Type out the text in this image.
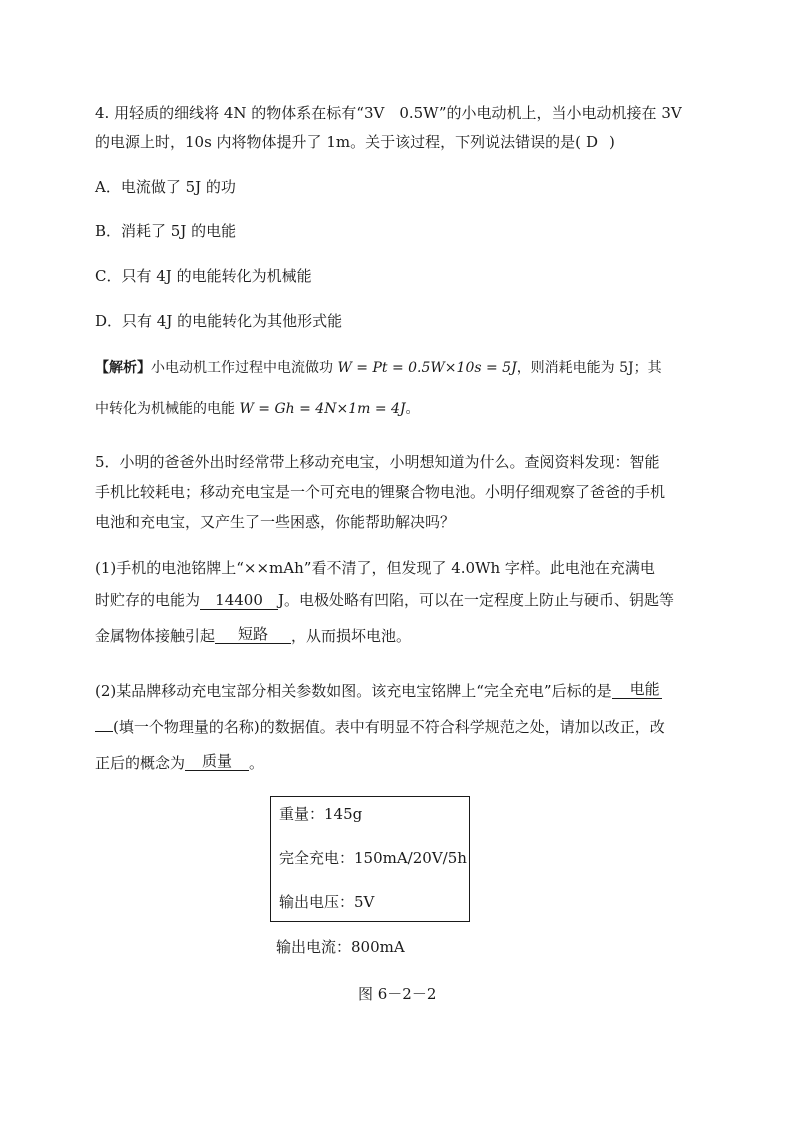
4. 用轻质的细线将 4N 的物体系在标有“3V　0.5W”的小电动机上，当小电动机接在 3V
的电源上时，10s 内将物体提升了 1m。关于该过程，下列说法错误的是( D )
A．电流做了 5J 的功
B．消耗了 5J 的电能
C．只有 4J 的电能转化为机械能
D．只有 4J 的电能转化为其他形式能
【解析】小电动机工作过程中电流做功 W = Pt = 0.5W×10s = 5J，则消耗电能为 5J；其
中转化为机械能的电能 W = Gh = 4N×1m = 4J。
5．小明的爸爸外出时经常带上移动充电宝，小明想知道为什么。查阅资料发现：智能
手机比较耗电；移动充电宝是一个可充电的锂聚合物电池。小明仔细观察了爸爸的手机
电池和充电宝，又产生了一些困惑，你能帮助解决吗？
(1)手机的电池铭牌上“××mAh”看不清了，但发现了 4.0Wh 字样。此电池在充满电
时贮存的电能为 14400 J。电极处略有凹陷，可以在一定程度上防止与硬币、钥匙等
金属物体接触引起 短路 ，从而损坏电池。
(2)某品牌移动充电宝部分相关参数如图。该充电宝铭牌上“完全充电”后标的是 电能
(填一个物理量的名称)的数据值。表中有明显不符合科学规范之处，请加以改正，改
正后的概念为 质量 。
重量：145g
完全充电：150mA/20V/5h
输出电压：5V
输出电流：800mA
图 6－2－2
